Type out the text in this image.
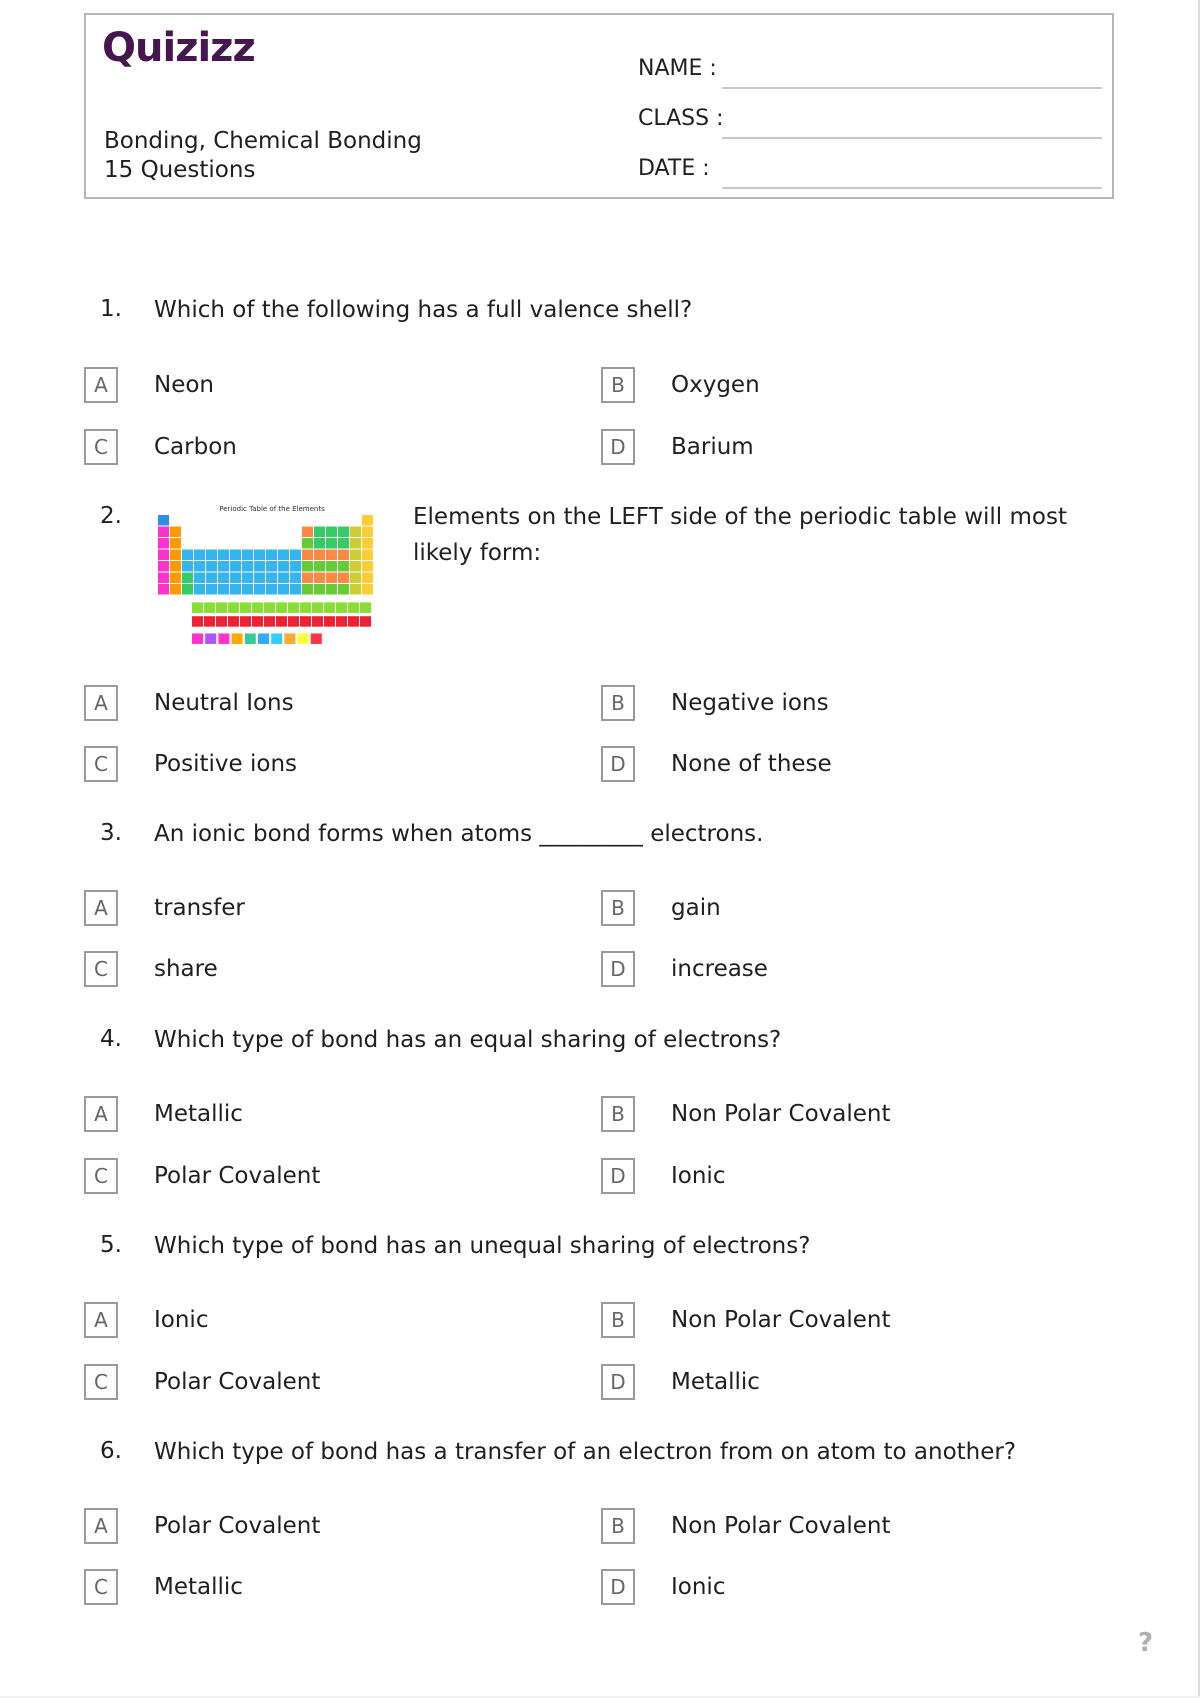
Quizizz
Bonding, Chemical Bonding
15 Questions
NAME :
CLASS :
DATE :
1. Which of the following has a full valence shell?
A	Neon	B	Oxygen
C	Carbon	D	Barium
2.	Periodic Table of the Elements	Elements on the LEFT side of the periodic table will most likely form:
A	Neutral Ions	B	Negative ions
C	Positive ions	D	None of these
3. An ionic bond forms when atoms _________ electrons.
A	transfer	B	gain
C	share	D	increase
4. Which type of bond has an equal sharing of electrons?
A	Metallic	B	Non Polar Covalent
C	Polar Covalent	D	Ionic
5. Which type of bond has an unequal sharing of electrons?
A	Ionic	B	Non Polar Covalent
C	Polar Covalent	D	Metallic
6. Which type of bond has a transfer of an electron from on atom to another?
A	Polar Covalent	B	Non Polar Covalent
C	Metallic	D	Ionic
?
